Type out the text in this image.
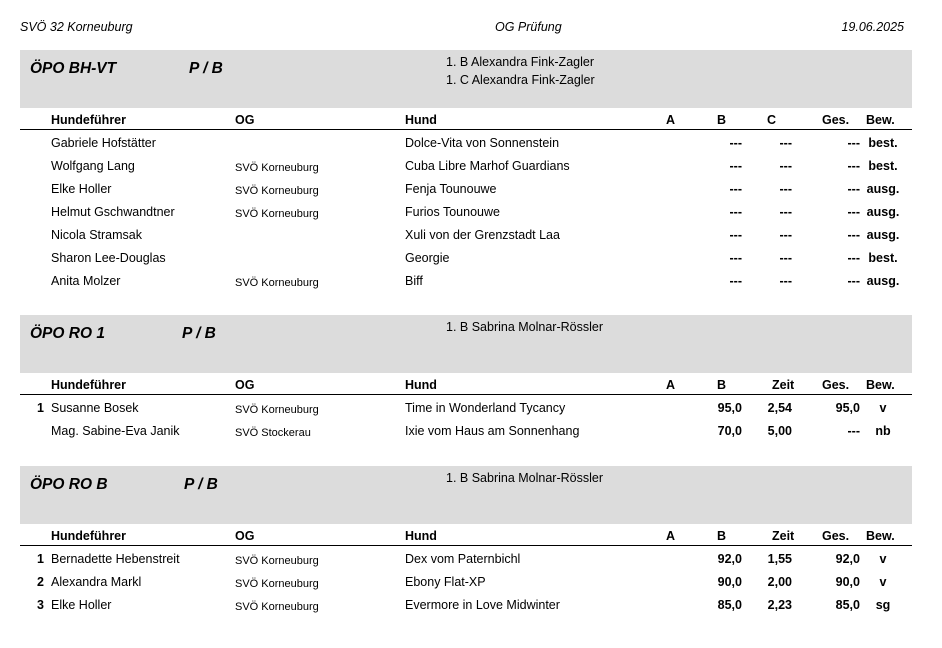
SVÖ 32 Korneuburg	OG Prüfung	19.06.2025
ÖPO BH-VT	P / B	1. B Alexandra Fink-Zagler
1. C Alexandra Fink-Zagler
Hundeführer	OG	Hund	A	B	C	Ges. Bew.
Gabriele Hofstätter	Dolce-Vita von Sonnenstein	---	---	--- best.
Wolfgang Lang	SVÖ Korneuburg	Cuba Libre Marhof Guardians	---	---	--- best.
Elke Holler	SVÖ Korneuburg	Fenja Tounouwe	---	---	--- ausg.
Helmut Gschwandtner	SVÖ Korneuburg	Furios Tounouwe	---	---	--- ausg.
Nicola Stramsak	Xuli von der Grenzstadt Laa	---	---	--- ausg.
Sharon Lee-Douglas	Georgie	---	---	--- best.
Anita Molzer	SVÖ Korneuburg	Biff	---	---	--- ausg.
ÖPO RO 1	P / B	1. B Sabrina Molnar-Rössler
Hundeführer	OG	Hund	A	B	Zeit Ges. Bew.
1 Susanne Bosek	SVÖ Korneuburg	Time in Wonderland Tycancy	95,0	2,54	95,0	v
Mag. Sabine-Eva Janik	SVÖ Stockerau	Ixie vom Haus am Sonnenhang	70,0	5,00	---	nb
ÖPO RO B	P / B	1. B Sabrina Molnar-Rössler
Hundeführer	OG	Hund	A	B	Zeit Ges. Bew.
1 Bernadette Hebenstreit	SVÖ Korneuburg	Dex vom Paternbichl	92,0	1,55	92,0	v
2 Alexandra Markl	SVÖ Korneuburg	Ebony Flat-XP	90,0	2,00	90,0	v
3 Elke Holler	SVÖ Korneuburg	Evermore in Love Midwinter	85,0	2,23	85,0	sg
